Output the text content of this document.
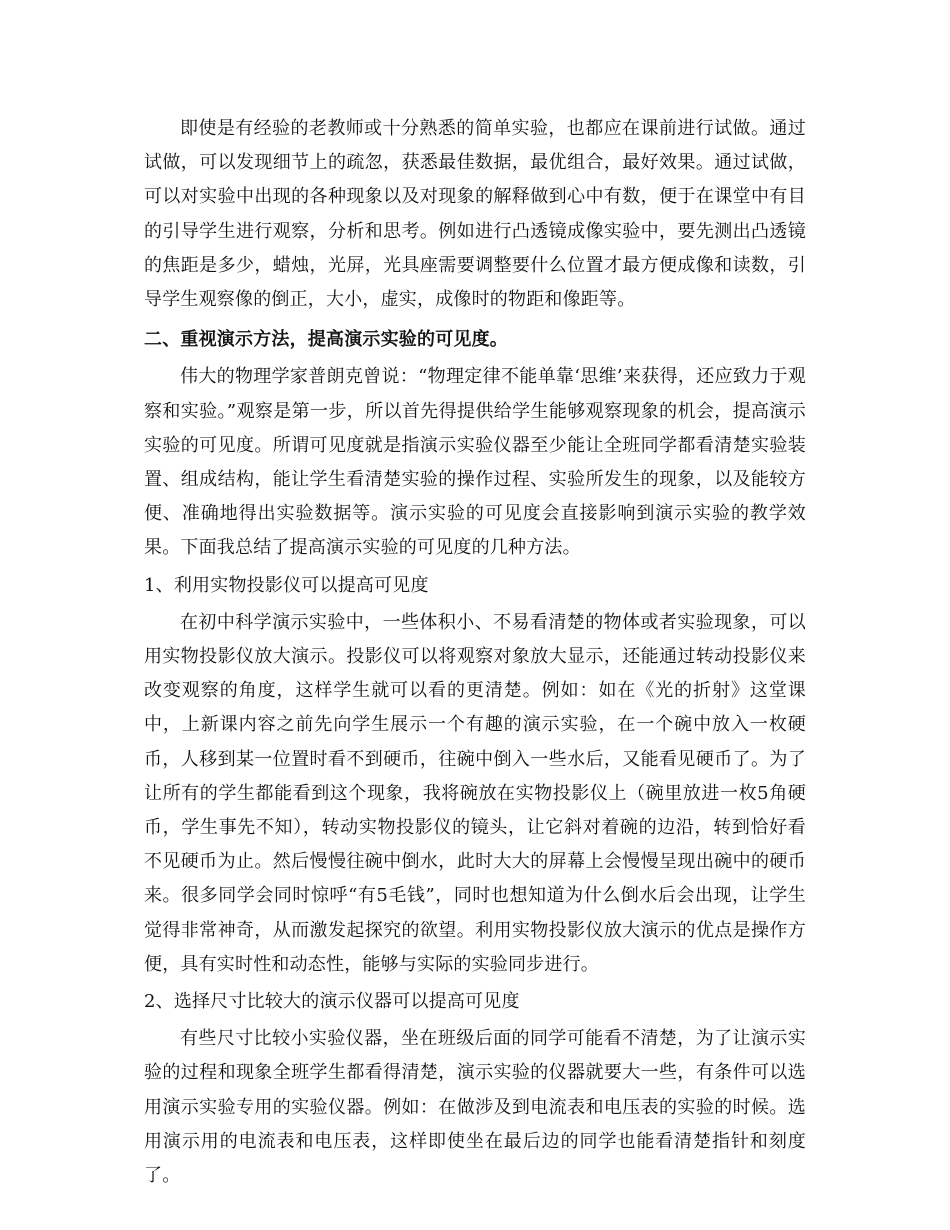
即使是有经验的老教师或十分熟悉的简单实验，也都应在课前进行试做。通过试做，可以发现细节上的疏忽，获悉最佳数据，最优组合，最好效果。通过试做，可以对实验中出现的各种现象以及对现象的解释做到心中有数，便于在课堂中有目的引导学生进行观察，分析和思考。例如进行凸透镜成像实验中，要先测出凸透镜的焦距是多少，蜡烛，光屏，光具座需要调整要什么位置才最方便成像和读数，引导学生观察像的倒正，大小，虚实，成像时的物距和像距等。

二、重视演示方法，提高演示实验的可见度。

伟大的物理学家普朗克曾说：“物理定律不能单靠‘思维’来获得，还应致力于观察和实验。”观察是第一步，所以首先得提供给学生能够观察现象的机会，提高演示实验的可见度。所谓可见度就是指演示实验仪器至少能让全班同学都看清楚实验装置、组成结构，能让学生看清楚实验的操作过程、实验所发生的现象，以及能较方便、准确地得出实验数据等。演示实验的可见度会直接影响到演示实验的教学效果。下面我总结了提高演示实验的可见度的几种方法。

1、利用实物投影仪可以提高可见度

在初中科学演示实验中，一些体积小、不易看清楚的物体或者实验现象，可以用实物投影仪放大演示。投影仪可以将观察对象放大显示，还能通过转动投影仪来改变观察的角度，这样学生就可以看的更清楚。例如：如在《光的折射》这堂课中，上新课内容之前先向学生展示一个有趣的演示实验，在一个碗中放入一枚硬币，人移到某一位置时看不到硬币，往碗中倒入一些水后，又能看见硬币了。为了让所有的学生都能看到这个现象，我将碗放在实物投影仪上（碗里放进一枚5角硬币，学生事先不知），转动实物投影仪的镜头，让它斜对着碗的边沿，转到恰好看不见硬币为止。然后慢慢往碗中倒水，此时大大的屏幕上会慢慢呈现出碗中的硬币来。很多同学会同时惊呼“有5毛钱”，同时也想知道为什么倒水后会出现，让学生觉得非常神奇，从而激发起探究的欲望。利用实物投影仪放大演示的优点是操作方便，具有实时性和动态性，能够与实际的实验同步进行。

2、选择尺寸比较大的演示仪器可以提高可见度

有些尺寸比较小实验仪器，坐在班级后面的同学可能看不清楚，为了让演示实验的过程和现象全班学生都看得清楚，演示实验的仪器就要大一些，有条件可以选用演示实验专用的实验仪器。例如：在做涉及到电流表和电压表的实验的时候。选用演示用的电流表和电压表，这样即使坐在最后边的同学也能看清楚指针和刻度了。
